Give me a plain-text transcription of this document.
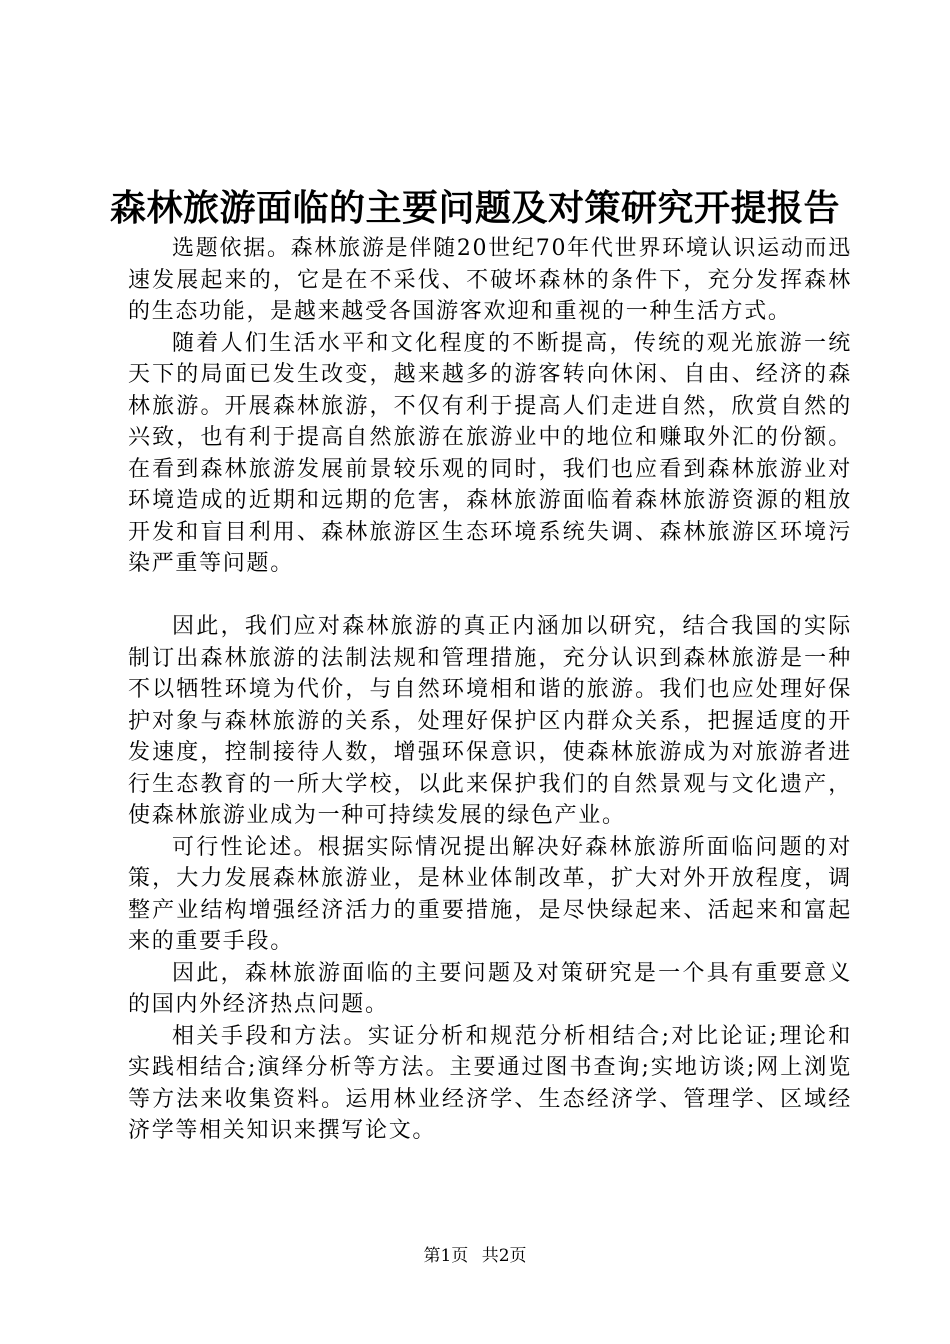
森林旅游面临的主要问题及对策研究开提报告

选题依据。森林旅游是伴随20世纪70年代世界环境认识运动而迅速发展起来的，它是在不采伐、不破坏森林的条件下，充分发挥森林的生态功能，是越来越受各国游客欢迎和重视的一种生活方式。

随着人们生活水平和文化程度的不断提高，传统的观光旅游一统天下的局面已发生改变，越来越多的游客转向休闲、自由、经济的森林旅游。开展森林旅游，不仅有利于提高人们走进自然，欣赏自然的兴致，也有利于提高自然旅游在旅游业中的地位和赚取外汇的份额。在看到森林旅游发展前景较乐观的同时，我们也应看到森林旅游业对环境造成的近期和远期的危害，森林旅游面临着森林旅游资源的粗放开发和盲目利用、森林旅游区生态环境系统失调、森林旅游区环境污染严重等问题。

因此，我们应对森林旅游的真正内涵加以研究，结合我国的实际制订出森林旅游的法制法规和管理措施，充分认识到森林旅游是一种不以牺牲环境为代价，与自然环境相和谐的旅游。我们也应处理好保护对象与森林旅游的关系，处理好保护区内群众关系，把握适度的开发速度，控制接待人数，增强环保意识，使森林旅游成为对旅游者进行生态教育的一所大学校，以此来保护我们的自然景观与文化遗产，使森林旅游业成为一种可持续发展的绿色产业。

可行性论述。根据实际情况提出解决好森林旅游所面临问题的对策，大力发展森林旅游业，是林业体制改革，扩大对外开放程度，调整产业结构增强经济活力的重要措施，是尽快绿起来、活起来和富起来的重要手段。

因此，森林旅游面临的主要问题及对策研究是一个具有重要意义的国内外经济热点问题。

相关手段和方法。实证分析和规范分析相结合;对比论证;理论和实践相结合;演绎分析等方法。主要通过图书查询;实地访谈;网上浏览等方法来收集资料。运用林业经济学、生态经济学、管理学、区域经济学等相关知识来撰写论文。

第1页 共2页
